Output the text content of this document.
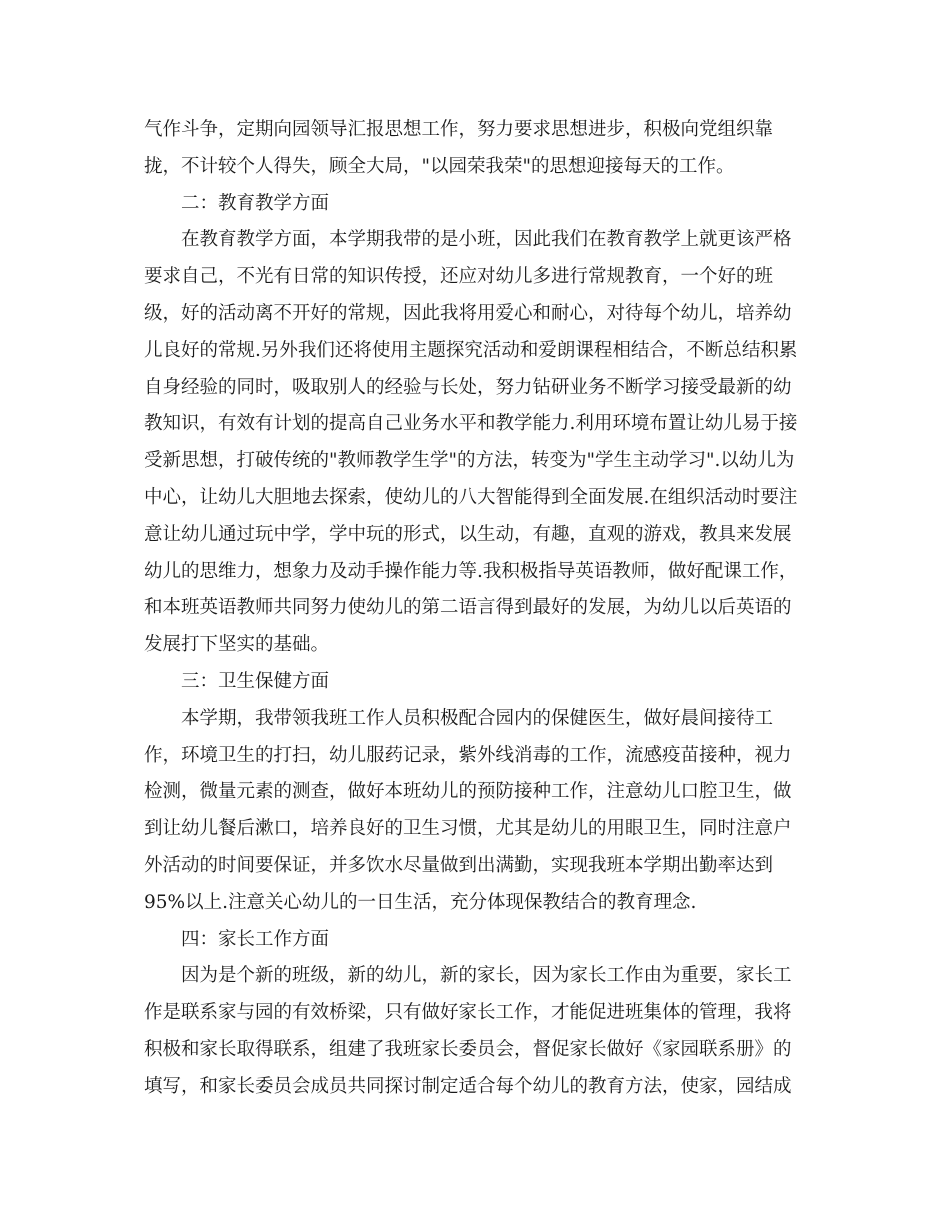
气作斗争，定期向园领导汇报思想工作，努力要求思想进步，积极向党组织靠
拢，不计较个人得失，顾全大局，"以园荣我荣"的思想迎接每天的工作。
二：教育教学方面
在教育教学方面，本学期我带的是小班，因此我们在教育教学上就更该严格
要求自己，不光有日常的知识传授，还应对幼儿多进行常规教育，一个好的班
级，好的活动离不开好的常规，因此我将用爱心和耐心，对待每个幼儿，培养幼
儿良好的常规.另外我们还将使用主题探究活动和爱朗课程相结合，不断总结积累
自身经验的同时，吸取别人的经验与长处，努力钻研业务不断学习接受最新的幼
教知识，有效有计划的提高自己业务水平和教学能力.利用环境布置让幼儿易于接
受新思想，打破传统的"教师教学生学"的方法，转变为"学生主动学习".以幼儿为
中心，让幼儿大胆地去探索，使幼儿的八大智能得到全面发展.在组织活动时要注
意让幼儿通过玩中学，学中玩的形式，以生动，有趣，直观的游戏，教具来发展
幼儿的思维力，想象力及动手操作能力等.我积极指导英语教师，做好配课工作，
和本班英语教师共同努力使幼儿的第二语言得到最好的发展，为幼儿以后英语的
发展打下坚实的基础。
三：卫生保健方面
本学期，我带领我班工作人员积极配合园内的保健医生，做好晨间接待工
作，环境卫生的打扫，幼儿服药记录，紫外线消毒的工作，流感疫苗接种，视力
检测，微量元素的测查，做好本班幼儿的预防接种工作，注意幼儿口腔卫生，做
到让幼儿餐后漱口，培养良好的卫生习惯，尤其是幼儿的用眼卫生，同时注意户
外活动的时间要保证，并多饮水尽量做到出满勤，实现我班本学期出勤率达到
95%以上.注意关心幼儿的一日生活，充分体现保教结合的教育理念.
四：家长工作方面
因为是个新的班级，新的幼儿，新的家长，因为家长工作由为重要，家长工
作是联系家与园的有效桥梁，只有做好家长工作，才能促进班集体的管理，我将
积极和家长取得联系，组建了我班家长委员会，督促家长做好《家园联系册》的
填写，和家长委员会成员共同探讨制定适合每个幼儿的教育方法，使家，园结成
